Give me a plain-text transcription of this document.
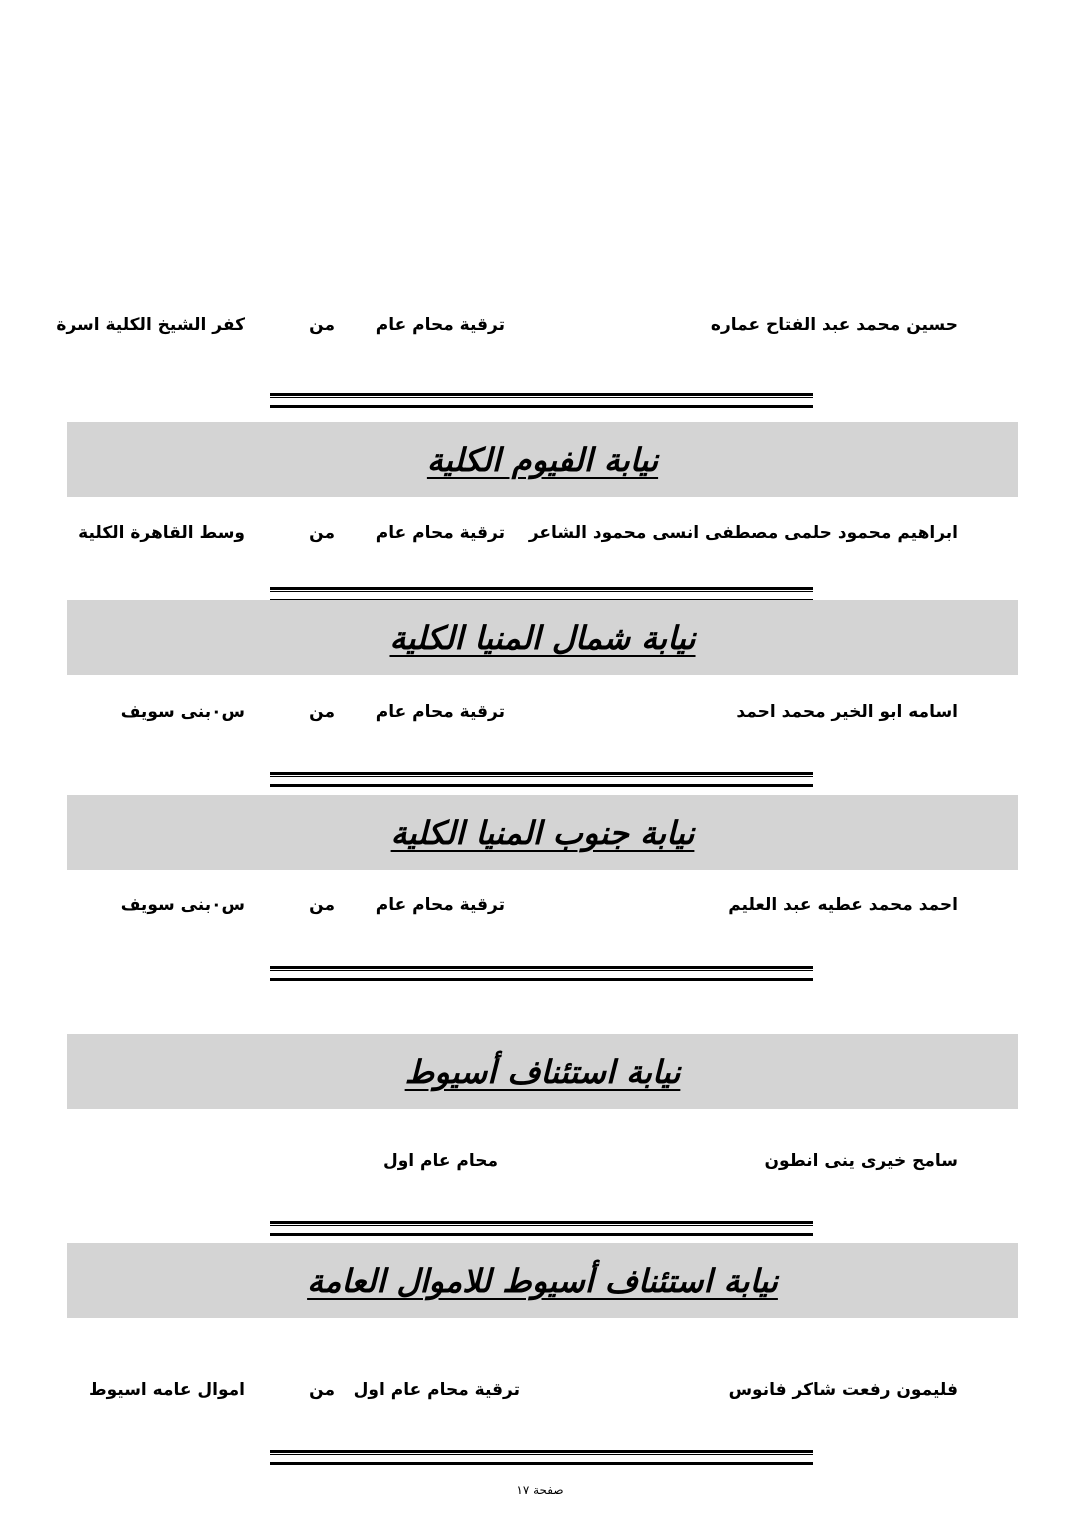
حسين محمد عبد الفتاح عماره
ترقية محام عام
من
كفر الشيخ الكلية اسرة
نيابة الفيوم الكلية
ابراهيم محمود حلمى مصطفى انسى محمود الشاعر
ترقية محام عام
من
وسط القاهرة الكلية
نيابة شمال المنيا الكلية
اسامه ابو الخير محمد احمد
ترقية محام عام
من
س٠بنى سويف
نيابة جنوب المنيا الكلية
احمد محمد عطيه عبد العليم
ترقية محام عام
من
س٠بنى سويف
نيابة استئناف أسيوط
سامح خيرى ينى انطون
محام عام اول
نيابة استئناف أسيوط للاموال العامة
فليمون رفعت شاكر فانوس
ترقية محام عام اول
من
اموال عامه اسيوط
صفحة ١٧
